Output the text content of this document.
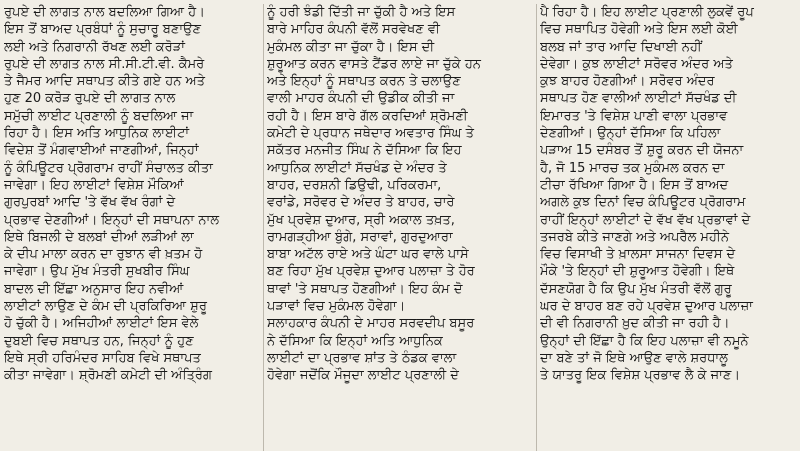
ਰੁਪਏ ਦੀ ਲਾਗਤ ਨਾਲ ਬਦਲਿਆ ਗਿਆ ਹੈ।
ਇਸ ਤੋਂ ਬਾਅਦ ਪ੍ਰਬੰਧਾਂ ਨੂੰ ਸੁਚਾਰੂ ਬਣਾਉਣ
ਲਈ ਅਤੇ ਨਿਗਰਾਨੀ ਰੱਖਣ ਲਈ ਕਰੋੜਾਂ
ਰੁਪਏ ਦੀ ਲਾਗਤ ਨਾਲ ਸੀ.ਸੀ.ਟੀ.ਵੀ. ਕੈਮਰੇ
ਤੇ ਜੈਮਰ ਆਦਿ ਸਥਾਪਤ ਕੀਤੇ ਗਏ ਹਨ ਅਤੇ
ਹੁਣ 20 ਕਰੋੜ ਰੁਪਏ ਦੀ ਲਾਗਤ ਨਾਲ
ਸਮੁੱਚੀ ਲਾਈਟ ਪ੍ਰਣਾਲੀ ਨੂੰ ਬਦਲਿਆ ਜਾ
ਰਿਹਾ ਹੈ। ਇਸ ਅਤਿ ਆਧੁਨਿਕ ਲਾਈਟਾਂ
ਵਿਦੇਸ਼ ਤੋਂ ਮੰਗਵਾਈਆਂ ਜਾਣਗੀਆਂ, ਜਿਨ੍ਹਾਂ
ਨੂੰ ਕੰਪਿਊਟਰ ਪ੍ਰੋਗਰਾਮ ਰਾਹੀਂ ਸੰਚਾਲਤ ਕੀਤਾ
ਜਾਵੇਗਾ। ਇਹ ਲਾਈਟਾਂ ਵਿਸ਼ੇਸ਼ ਮੌਕਿਆਂ
ਗੁਰਪੁਰਬਾਂ ਆਦਿ 'ਤੇ ਵੱਖ ਵੱਖ ਰੰਗਾਂ ਦੇ
ਪ੍ਰਭਾਵ ਦੇਣਗੀਆਂ। ਇਨ੍ਹਾਂ ਦੀ ਸਥਾਪਨਾ ਨਾਲ
ਇਥੇ ਬਿਜਲੀ ਦੇ ਬਲਬਾਂ ਦੀਆਂ ਲੜੀਆਂ ਲਾ
ਕੇ ਦੀਪ ਮਾਲਾ ਕਰਨ ਦਾ ਰੁਝਾਨ ਵੀ ਖ਼ਤਮ ਹੋ
ਜਾਵੇਗਾ। ਉਪ ਮੁੱਖ ਮੰਤਰੀ ਸੁਖਬੀਰ ਸਿੰਘ
ਬਾਦਲ ਦੀ ਇੱਛਾ ਅਨੁਸਾਰ ਇਹ ਨਵੀਆਂ
ਲਾਈਟਾਂ ਲਾਉਣ ਦੇ ਕੰਮ ਦੀ ਪ੍ਰਕਿਰਿਆ ਸ਼ੁਰੂ
ਹੋ ਚੁੱਕੀ ਹੈ। ਅਜਿਹੀਆਂ ਲਾਈਟਾਂ ਇਸ ਵੇਲੇ
ਦੁਬਈ ਵਿਚ ਸਥਾਪਤ ਹਨ, ਜਿਨ੍ਹਾਂ ਨੂੰ ਹੁਣ
ਇਥੇ ਸ੍ਰੀ ਹਰਿਮੰਦਰ ਸਾਹਿਬ ਵਿਖੇ ਸਥਾਪਤ
ਕੀਤਾ ਜਾਵੇਗਾ। ਸ਼੍ਰੋਮਣੀ ਕਮੇਟੀ ਦੀ ਅੰਤ੍ਰਿੰਗ
ਨੂੰ ਹਰੀ ਝੰਡੀ ਦਿੱਤੀ ਜਾ ਚੁੱਕੀ ਹੈ ਅਤੇ ਇਸ
ਬਾਰੇ ਮਾਹਿਰ ਕੰਪਨੀ ਵੱਲੋਂ ਸਰਵੇਖਣ ਵੀ
ਮੁਕੰਮਲ ਕੀਤਾ ਜਾ ਚੁੱਕਾ ਹੈ। ਇਸ ਦੀ
ਸ਼ੁਰੂਆਤ ਕਰਨ ਵਾਸਤੇ ਟੈਂਡਰ ਲਾਏ ਜਾ ਚੁੱਕੇ ਹਨ
ਅਤੇ ਇਨ੍ਹਾਂ ਨੂੰ ਸਥਾਪਤ ਕਰਨ ਤੇ ਚਲਾਉਣ
ਵਾਲੀ ਮਾਹਰ ਕੰਪਨੀ ਦੀ ਉਡੀਕ ਕੀਤੀ ਜਾ
ਰਹੀ ਹੈ। ਇਸ ਬਾਰੇ ਗੱਲ ਕਰਦਿਆਂ ਸ਼੍ਰੋਮਣੀ
ਕਮੇਟੀ ਦੇ ਪ੍ਰਧਾਨ ਜਥੇਦਾਰ ਅਵਤਾਰ ਸਿੰਘ ਤੇ
ਸਕੱਤਰ ਮਨਜੀਤ ਸਿੰਘ ਨੇ ਦੱਸਿਆ ਕਿ ਇਹ
ਆਧੁਨਿਕ ਲਾਈਟਾਂ ਸੱਚਖੰਡ ਦੇ ਅੰਦਰ ਤੇ
ਬਾਹਰ, ਦਰਸ਼ਨੀ ਡਿਉਢੀ, ਪਰਿਕਰਮਾ,
ਵਰਾਂਡੇ, ਸਰੋਵਰ ਦੇ ਅੰਦਰ ਤੇ ਬਾਹਰ, ਚਾਰੇ
ਮੁੱਖ ਪ੍ਰਵੇਸ਼ ਦੁਆਰ, ਸ੍ਰੀ ਅਕਾਲ ਤਖ਼ਤ,
ਰਾਮਗੜ੍ਹੀਆ ਬੁੰਗੇ, ਸਰਾਵਾਂ, ਗੁਰਦੁਆਰਾ
ਬਾਬਾ ਅਟੱਲ ਰਾਏ ਅਤੇ ਘੰਟਾ ਘਰ ਵਾਲੇ ਪਾਸੇ
ਬਣ ਰਿਹਾ ਮੁੱਖ ਪ੍ਰਵੇਸ਼ ਦੁਆਰ ਪਲਾਜ਼ਾ ਤੇ ਹੋਰ
ਥਾਵਾਂ 'ਤੇ ਸਥਾਪਤ ਹੋਣਗੀਆਂ। ਇਹ ਕੰਮ ਦੋ
ਪੜਾਵਾਂ ਵਿਚ ਮੁਕੰਮਲ ਹੋਵੇਗਾ।
ਸਲਾਹਕਾਰ ਕੰਪਨੀ ਦੇ ਮਾਹਰ ਸਰਵਦੀਪ ਬਸੂਰ
ਨੇ ਦੱਸਿਆ ਕਿ ਇਨ੍ਹਾਂ ਅਤਿ ਆਧੁਨਿਕ
ਲਾਈਟਾਂ ਦਾ ਪ੍ਰਭਾਵ ਸ਼ਾਂਤ ਤੇ ਠੰਡਕ ਵਾਲਾ
ਹੋਵੇਗਾ ਜਦੋਂਕਿ ਮੌਜੂਦਾ ਲਾਈਟ ਪ੍ਰਣਾਲੀ ਦੇ
ਪੈ ਰਿਹਾ ਹੈ। ਇਹ ਲਾਈਟ ਪ੍ਰਣਾਲੀ ਲੁਕਵੇਂ ਰੂਪ
ਵਿਚ ਸਥਾਪਿਤ ਹੋਵੇਗੀ ਅਤੇ ਇਸ ਲਈ ਕੋਈ
ਬਲਬ ਜਾਂ ਤਾਰ ਆਦਿ ਦਿਖਾਈ ਨਹੀਂ
ਦੇਵੇਗਾ। ਕੁਝ ਲਾਈਟਾਂ ਸਰੋਵਰ ਅੰਦਰ ਅਤੇ
ਕੁਝ ਬਾਹਰ ਹੋਣਗੀਆਂ। ਸਰੋਵਰ ਅੰਦਰ
ਸਥਾਪਤ ਹੋਣ ਵਾਲੀਆਂ ਲਾਈਟਾਂ ਸੱਚਖੰਡ ਦੀ
ਇਮਾਰਤ 'ਤੇ ਵਿਸ਼ੇਸ਼ ਪਾਣੀ ਵਾਲਾ ਪ੍ਰਭਾਵ
ਦੇਣਗੀਆਂ। ਉਨ੍ਹਾਂ ਦੱਸਿਆ ਕਿ ਪਹਿਲਾ
ਪੜਾਅ 15 ਦਸੰਬਰ ਤੋਂ ਸ਼ੁਰੂ ਕਰਨ ਦੀ ਯੋਜਨਾ
ਹੈ, ਜੋ 15 ਮਾਰਚ ਤਕ ਮੁਕੰਮਲ ਕਰਨ ਦਾ
ਟੀਚਾ ਰੱਖਿਆ ਗਿਆ ਹੈ। ਇਸ ਤੋਂ ਬਾਅਦ
ਅਗਲੇ ਕੁਝ ਦਿਨਾਂ ਵਿਚ ਕੰਪਿਊਟਰ ਪ੍ਰੋਗਰਾਮ
ਰਾਹੀਂ ਇਨ੍ਹਾਂ ਲਾਈਟਾਂ ਦੇ ਵੱਖ ਵੱਖ ਪ੍ਰਭਾਵਾਂ ਦੇ
ਤਜਰਬੇ ਕੀਤੇ ਜਾਣਗੇ ਅਤੇ ਅਪਰੈਲ ਮਹੀਨੇ
ਵਿਚ ਵਿਸਾਖੀ ਤੇ ਖ਼ਾਲਸਾ ਸਾਜਨਾ ਦਿਵਸ ਦੇ
ਮੌਕੇ 'ਤੇ ਇਨ੍ਹਾਂ ਦੀ ਸ਼ੁਰੂਆਤ ਹੋਵੇਗੀ। ਇਥੇ
ਦੱਸਣਯੋਗ ਹੈ ਕਿ ਉਪ ਮੁੱਖ ਮੰਤਰੀ ਵੱਲੋਂ ਗੁਰੂ
ਘਰ ਦੇ ਬਾਹਰ ਬਣ ਰਹੇ ਪ੍ਰਵੇਸ਼ ਦੁਆਰ ਪਲਾਜ਼ਾ
ਦੀ ਵੀ ਨਿਗਰਾਨੀ ਖ਼ੁਦ ਕੀਤੀ ਜਾ ਰਹੀ ਹੈ।
ਉਨ੍ਹਾਂ ਦੀ ਇੱਛਾ ਹੈ ਕਿ ਇਹ ਪਲਾਜ਼ਾ ਵੀ ਨਮੂਨੇ
ਦਾ ਬਣੇ ਤਾਂ ਜੋ ਇਥੇ ਆਉਣ ਵਾਲੇ ਸ਼ਰਧਾਲੂ
ਤੇ ਯਾਤਰੂ ਇਕ ਵਿਸ਼ੇਸ਼ ਪ੍ਰਭਾਵ ਲੈ ਕੇ ਜਾਣ।
